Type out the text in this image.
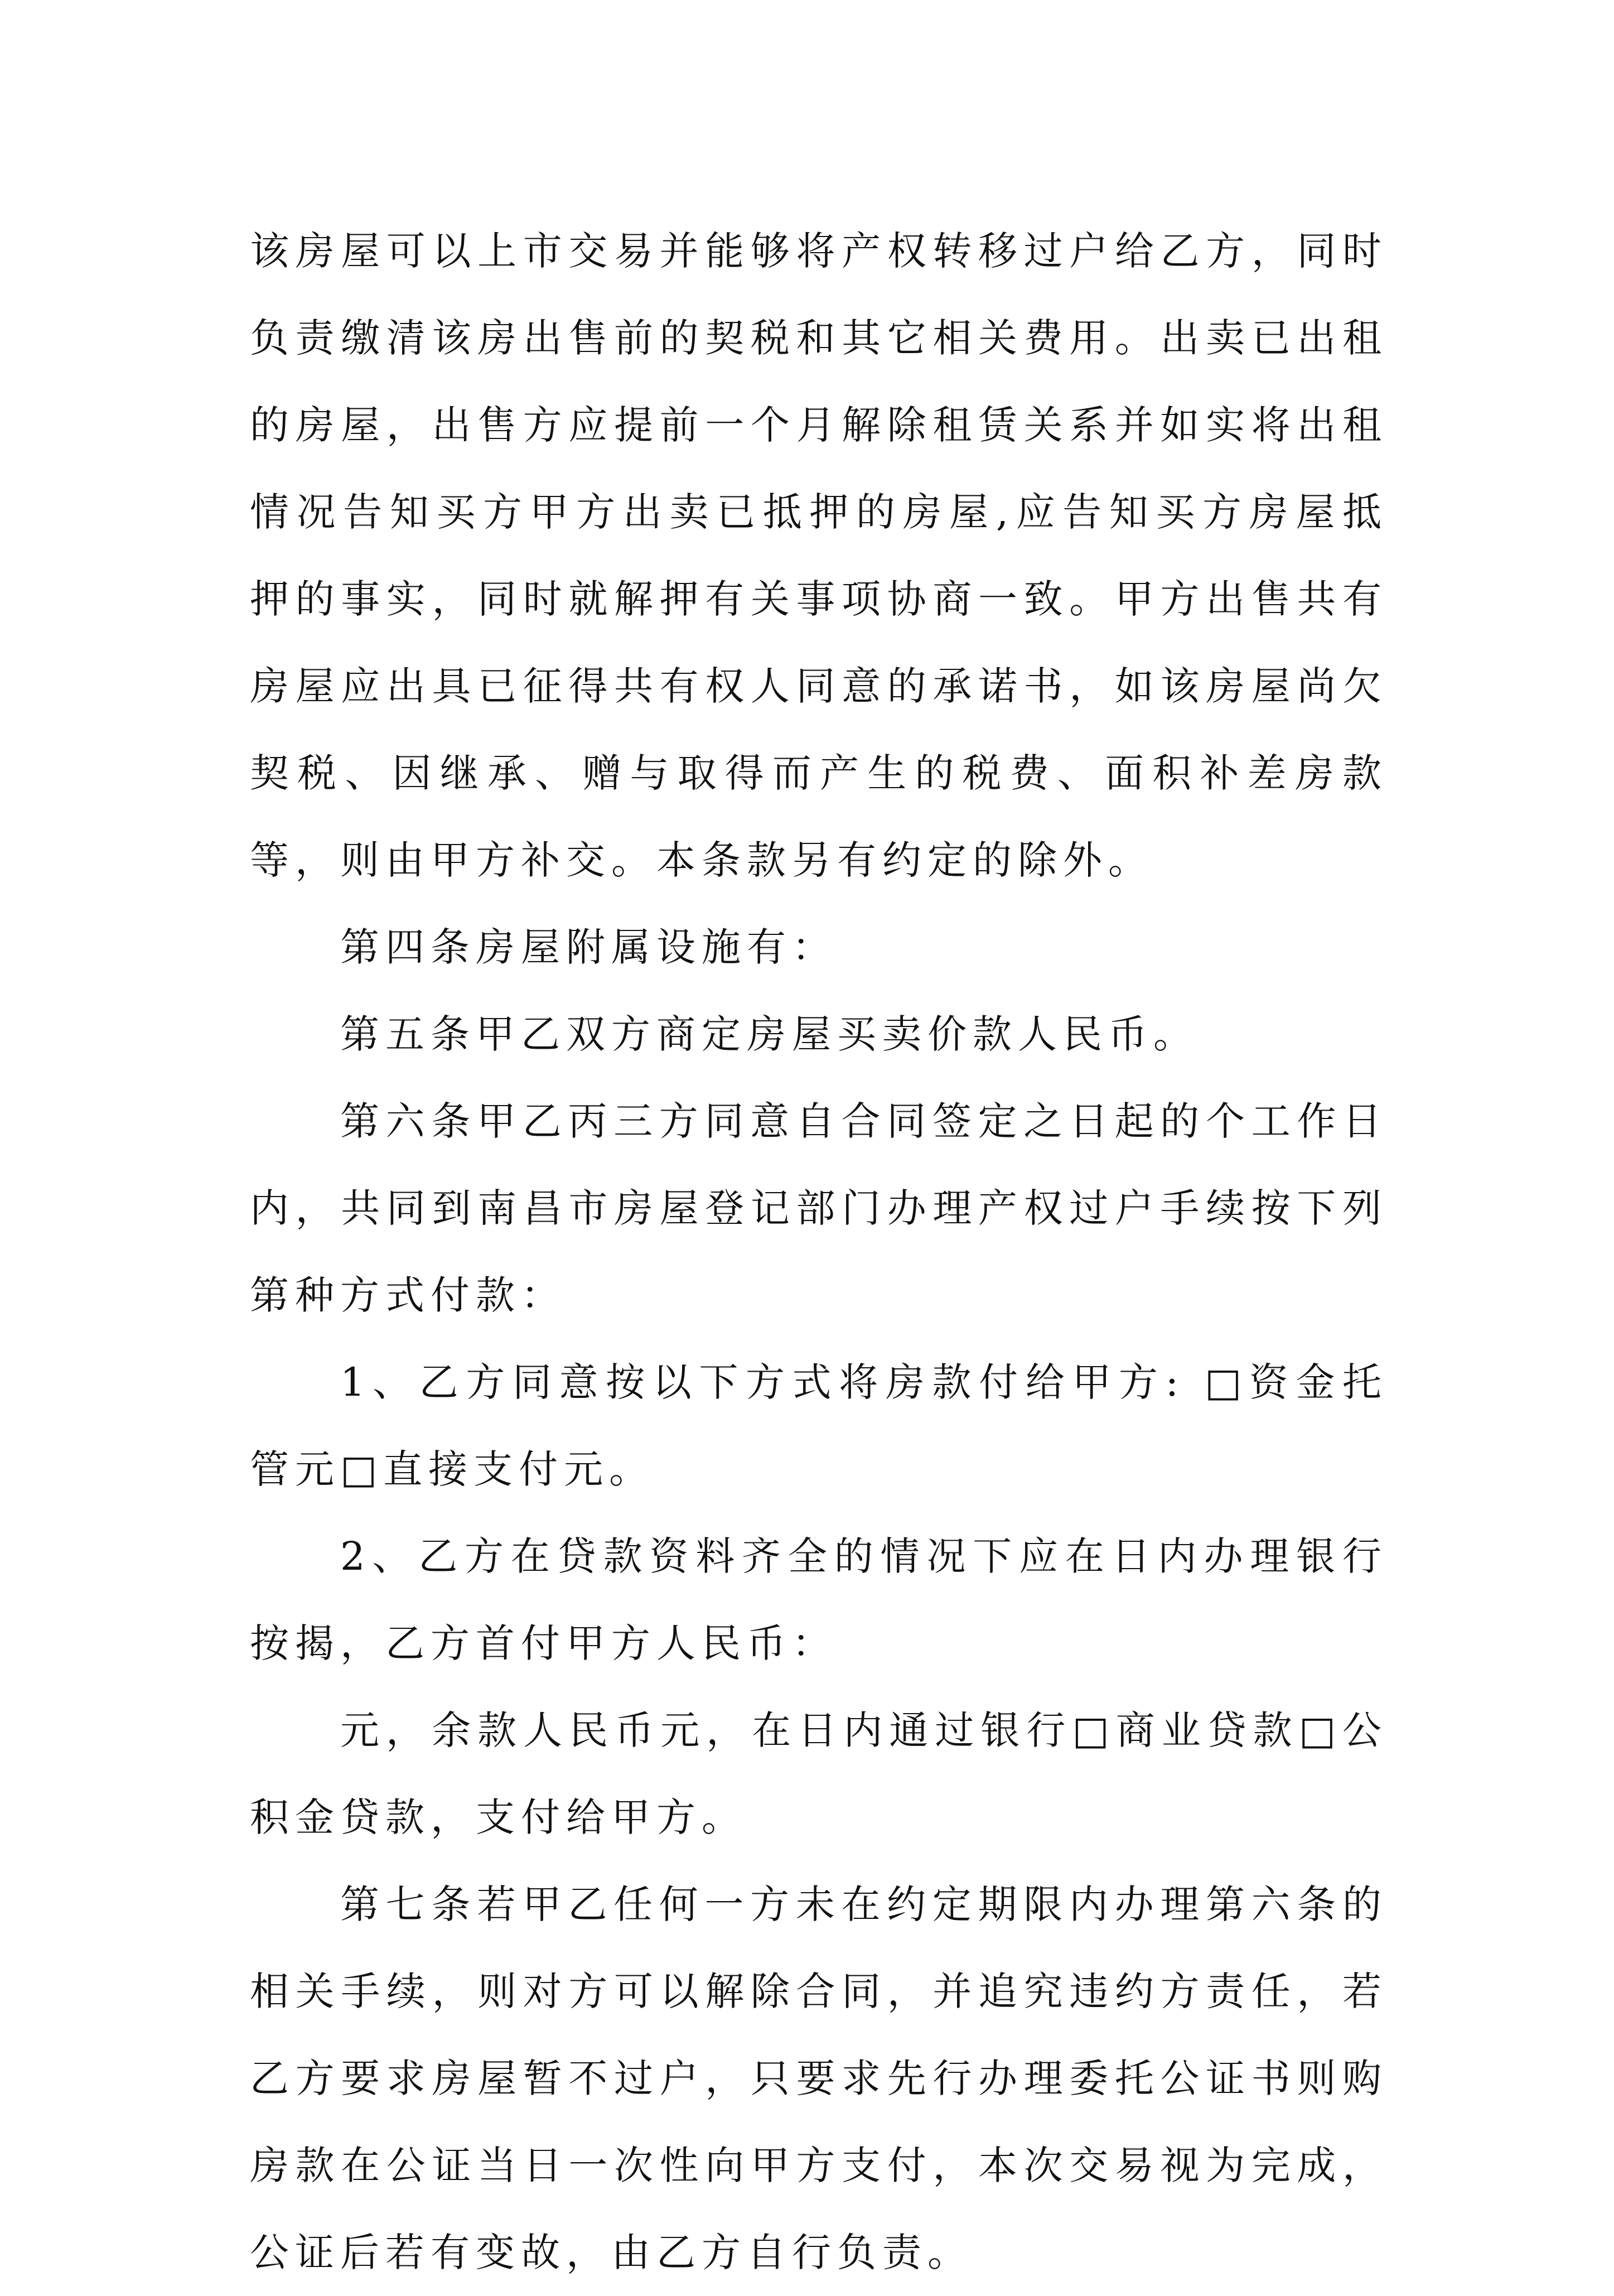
该房屋可以上市交易并能够将产权转移过户给乙方，同时负责缴清该房出售前的契税和其它相关费用。出卖已出租的房屋，出售方应提前一个月解除租赁关系并如实将出租情况告知买方甲方出卖已抵押的房屋,应告知买方房屋抵押的事实，同时就解押有关事项协商一致。甲方出售共有房屋应出具已征得共有权人同意的承诺书，如该房屋尚欠契税、因继承、赠与取得而产生的税费、面积补差房款等，则由甲方补交。本条款另有约定的除外。

第四条房屋附属设施有：

第五条甲乙双方商定房屋买卖价款人民币。

第六条甲乙丙三方同意自合同签定之日起的个工作日内，共同到南昌市房屋登记部门办理产权过户手续按下列第种方式付款：

1、乙方同意按以下方式将房款付给甲方: □资金托管元□直接支付元。

2、乙方在贷款资料齐全的情况下应在日内办理银行按揭，乙方首付甲方人民币：

元，余款人民币元，在日内通过银行□商业贷款□公积金贷款，支付给甲方。

第七条若甲乙任何一方未在约定期限内办理第六条的相关手续，则对方可以解除合同，并追究违约方责任，若乙方要求房屋暂不过户，只要求先行办理委托公证书则购房款在公证当日一次性向甲方支付，本次交易视为完成，公证后若有变故，由乙方自行负责。
